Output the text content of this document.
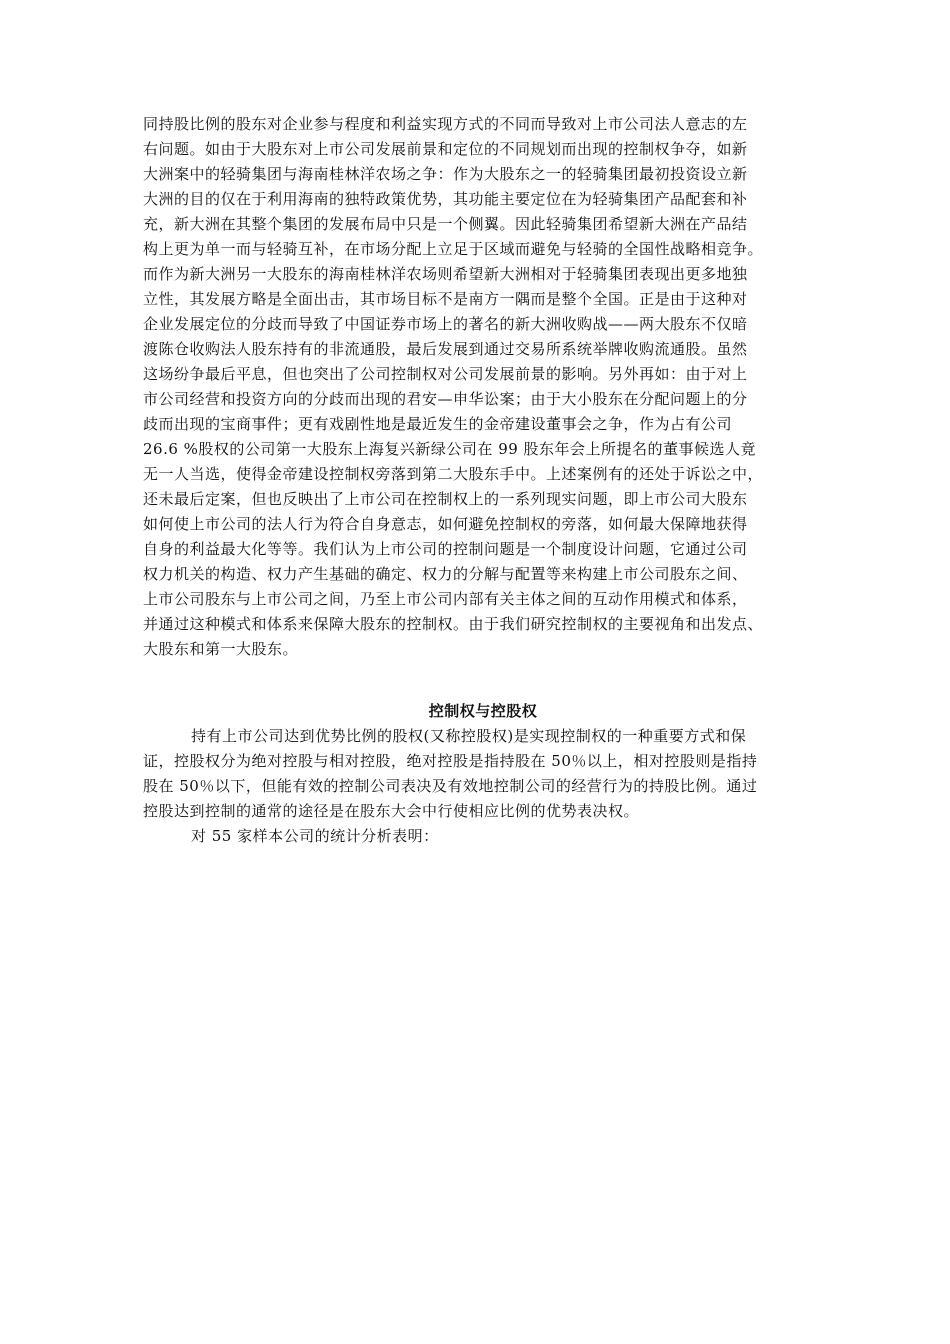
同持股比例的股东对企业参与程度和利益实现方式的不同而导致对上市公司法人意志的左
右问题。如由于大股东对上市公司发展前景和定位的不同规划而出现的控制权争夺，如新
大洲案中的轻骑集团与海南桂林洋农场之争：作为大股东之一的轻骑集团最初投资设立新
大洲的目的仅在于利用海南的独特政策优势，其功能主要定位在为轻骑集团产品配套和补
充，新大洲在其整个集团的发展布局中只是一个侧翼。因此轻骑集团希望新大洲在产品结
构上更为单一而与轻骑互补，在市场分配上立足于区域而避免与轻骑的全国性战略相竞争。
而作为新大洲另一大股东的海南桂林洋农场则希望新大洲相对于轻骑集团表现出更多地独
立性，其发展方略是全面出击，其市场目标不是南方一隅而是整个全国。正是由于这种对
企业发展定位的分歧而导致了中国证券市场上的著名的新大洲收购战——两大股东不仅暗
渡陈仓收购法人股东持有的非流通股，最后发展到通过交易所系统举牌收购流通股。虽然
这场纷争最后平息，但也突出了公司控制权对公司发展前景的影响。另外再如：由于对上
市公司经营和投资方向的分歧而出现的君安—申华讼案；由于大小股东在分配问题上的分
歧而出现的宝商事件；更有戏剧性地是最近发生的金帝建设董事会之争，作为占有公司
26.6 %股权的公司第一大股东上海复兴新绿公司在 99 股东年会上所提名的董事候选人竟
无一人当选，使得金帝建设控制权旁落到第二大股东手中。上述案例有的还处于诉讼之中，
还未最后定案，但也反映出了上市公司在控制权上的一系列现实问题，即上市公司大股东
如何使上市公司的法人行为符合自身意志，如何避免控制权的旁落，如何最大保障地获得
自身的利益最大化等等。我们认为上市公司的控制问题是一个制度设计问题，它通过公司
权力机关的构造、权力产生基础的确定、权力的分解与配置等来构建上市公司股东之间、
上市公司股东与上市公司之间，乃至上市公司内部有关主体之间的互动作用模式和体系，
并通过这种模式和体系来保障大股东的控制权。由于我们研究控制权的主要视角和出发点、
大股东和第一大股东。
控制权与控股权
持有上市公司达到优势比例的股权(又称控股权)是实现控制权的一种重要方式和保
证，控股权分为绝对控股与相对控股，绝对控股是指持股在 50％以上，相对控股则是指持
股在 50％以下，但能有效的控制公司表决及有效地控制公司的经营行为的持股比例。通过
控股达到控制的通常的途径是在股东大会中行使相应比例的优势表决权。
对 55 家样本公司的统计分析表明：
